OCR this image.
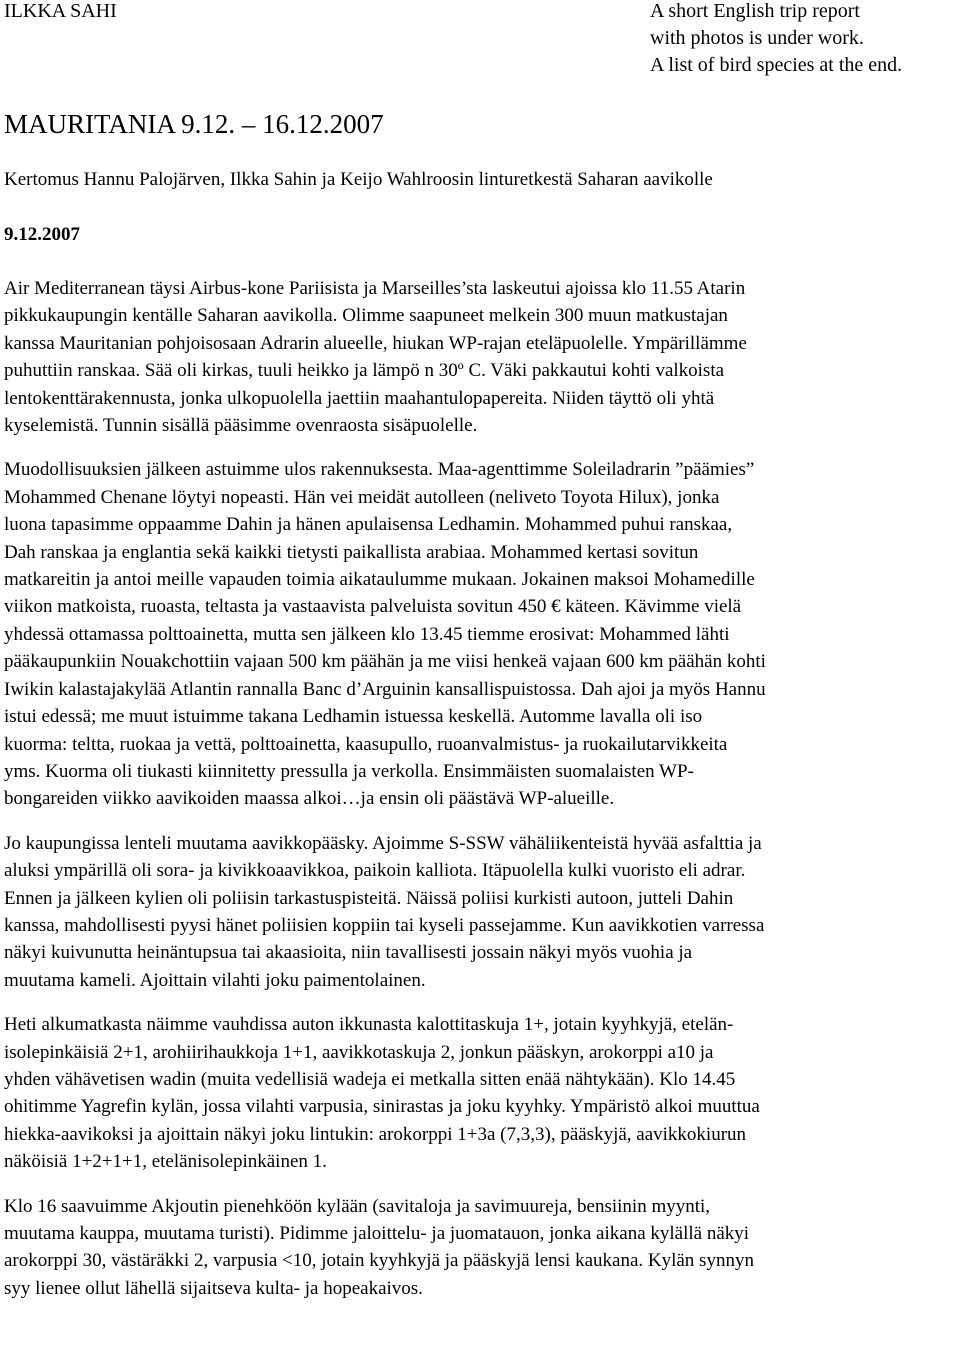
ILKKA SAHI	A short English trip report
with photos is under work.
A list of bird species at the end.
MAURITANIA 9.12. – 16.12.2007
Kertomus Hannu Palojärven, Ilkka Sahin ja Keijo Wahlroosin linturetkestä Saharan aavikolle
9.12.2007

Air Mediterranean täysi Airbus-kone Pariisista ja Marseilles’sta laskeutui ajoissa klo 11.55 Atarin
pikkukaupungin kentälle Saharan aavikolla. Olimme saapuneet melkein 300 muun matkustajan
kanssa Mauritanian pohjoisosaan Adrarin alueelle, hiukan WP-rajan eteläpuolelle. Ympärillämme
puhuttiin ranskaa. Sää oli kirkas, tuuli heikko ja lämpö n 30º C. Väki pakkautui kohti valkoista
lentokenttärakennusta, jonka ulkopuolella jaettiin maahantulopapereita. Niiden täyttö oli yhtä
kyselemistä. Tunnin sisällä pääsimme ovenraosta sisäpuolelle.

Muodollisuuksien jälkeen astuimme ulos rakennuksesta. Maa-agenttimme Soleiladrarin ”päämies”
Mohammed Chenane löytyi nopeasti. Hän vei meidät autolleen (neliveto Toyota Hilux), jonka
luona tapasimme oppaamme Dahin ja hänen apulaisensa Ledhamin. Mohammed puhui ranskaa,
Dah ranskaa ja englantia sekä kaikki tietysti paikallista arabiaa. Mohammed kertasi sovitun
matkareitin ja antoi meille vapauden toimia aikataulumme mukaan. Jokainen maksoi Mohamedille
viikon matkoista, ruoasta, teltasta ja vastaavista palveluista sovitun 450 € käteen. Kävimme vielä
yhdessä ottamassa polttoainetta, mutta sen jälkeen klo 13.45 tiemme erosivat: Mohammed lähti
pääkaupunkiin Nouakchottiin vajaan 500 km päähän ja me viisi henkeä vajaan 600 km päähän kohti
Iwikin kalastajakylää Atlantin rannalla Banc d’Arguinin kansallispuistossa. Dah ajoi ja myös Hannu
istui edessä; me muut istuimme takana Ledhamin istuessa keskellä. Automme lavalla oli iso
kuorma: teltta, ruokaa ja vettä, polttoainetta, kaasupullo, ruoanvalmistus- ja ruokailutarvikkeita
yms. Kuorma oli tiukasti kiinnitetty pressulla ja verkolla. Ensimmäisten suomalaisten WP-
bongareiden viikko aavikoiden maassa alkoi…ja ensin oli päästävä WP-alueille.

Jo kaupungissa lenteli muutama aavikkopääsky. Ajoimme S-SSW vähäliikenteistä hyvää asfalttia ja
aluksi ympärillä oli sora- ja kivikkoaavikkoa, paikoin kalliota. Itäpuolella kulki vuoristo eli adrar.
Ennen ja jälkeen kylien oli poliisin tarkastuspisteitä. Näissä poliisi kurkisti autoon, jutteli Dahin
kanssa, mahdollisesti pyysi hänet poliisien koppiin tai kyseli passejamme. Kun aavikkotien varressa
näkyi kuivunutta heinäntupsua tai akaasioita, niin tavallisesti jossain näkyi myös vuohia ja
muutama kameli. Ajoittain vilahti joku paimentolainen.

Heti alkumatkasta näimme vauhdissa auton ikkunasta kalottitaskuja 1+, jotain kyyhkyjä, etelän-
isolepinkäisiä 2+1, arohiirihaukkoja 1+1, aavikkotaskuja 2, jonkun pääskyn, arokorppi a10 ja
yhden vähävetisen wadin (muita vedellisiä wadeja ei metkalla sitten enää nähtykään). Klo 14.45
ohitimme Yagrefin kylän, jossa vilahti varpusia, sinirastas ja joku kyyhky. Ympäristö alkoi muuttua
hiekka-aavikoksi ja ajoittain näkyi joku lintukin: arokorppi 1+3a (7,3,3), pääskyjä, aavikkokiurun
näköisiä 1+2+1+1, etelänisolepinkäinen 1.

Klo 16 saavuimme Akjoutin pienehköön kylään (savitaloja ja savimuureja, bensiinin myynti,
muutama kauppa, muutama turisti). Pidimme jaloittelu- ja juomatauon, jonka aikana kylällä näkyi
arokorppi 30, västäräkki 2, varpusia <10, jotain kyyhkyjä ja pääskyjä lensi kaukana. Kylän synnyn
syy lienee ollut lähellä sijaitseva kulta- ja hopeakaivos.
